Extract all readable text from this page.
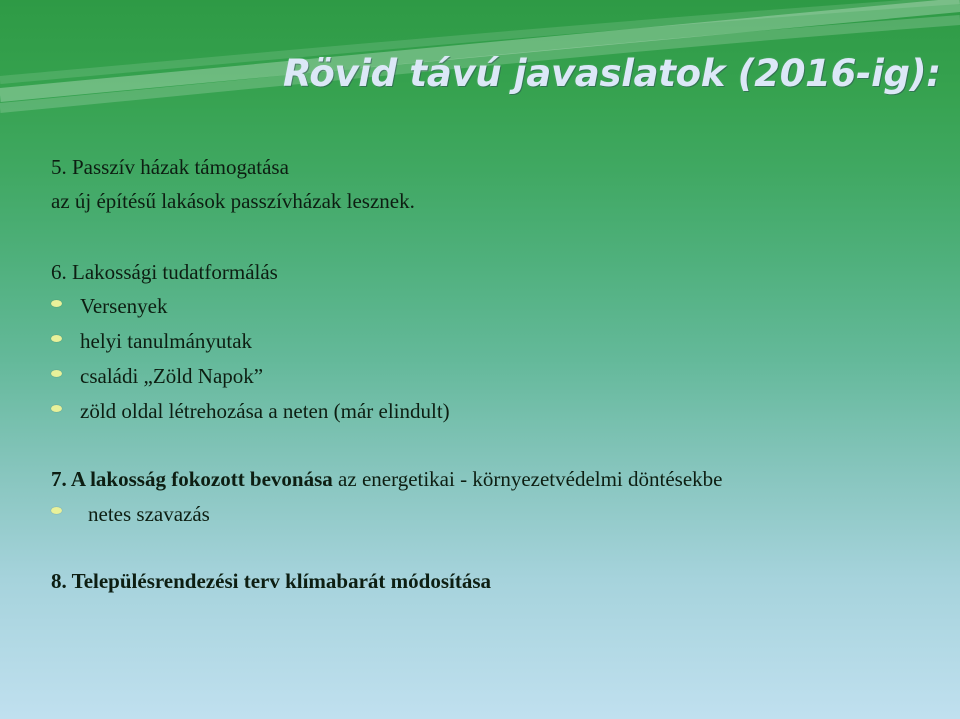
Rövid távú javaslatok (2016-ig):

5. Passzív házak támogatása

az új építésű lakások passzívházak lesznek.

6. Lakossági tudatformálás

Versenyek

helyi tanulmányutak

családi „Zöld Napok”

zöld oldal létrehozása a neten (már elindult)

7. A lakosság fokozott bevonása az energetikai - környezetvédelmi döntésekbe

netes szavazás

8. Településrendezési terv klímabarát módosítása
